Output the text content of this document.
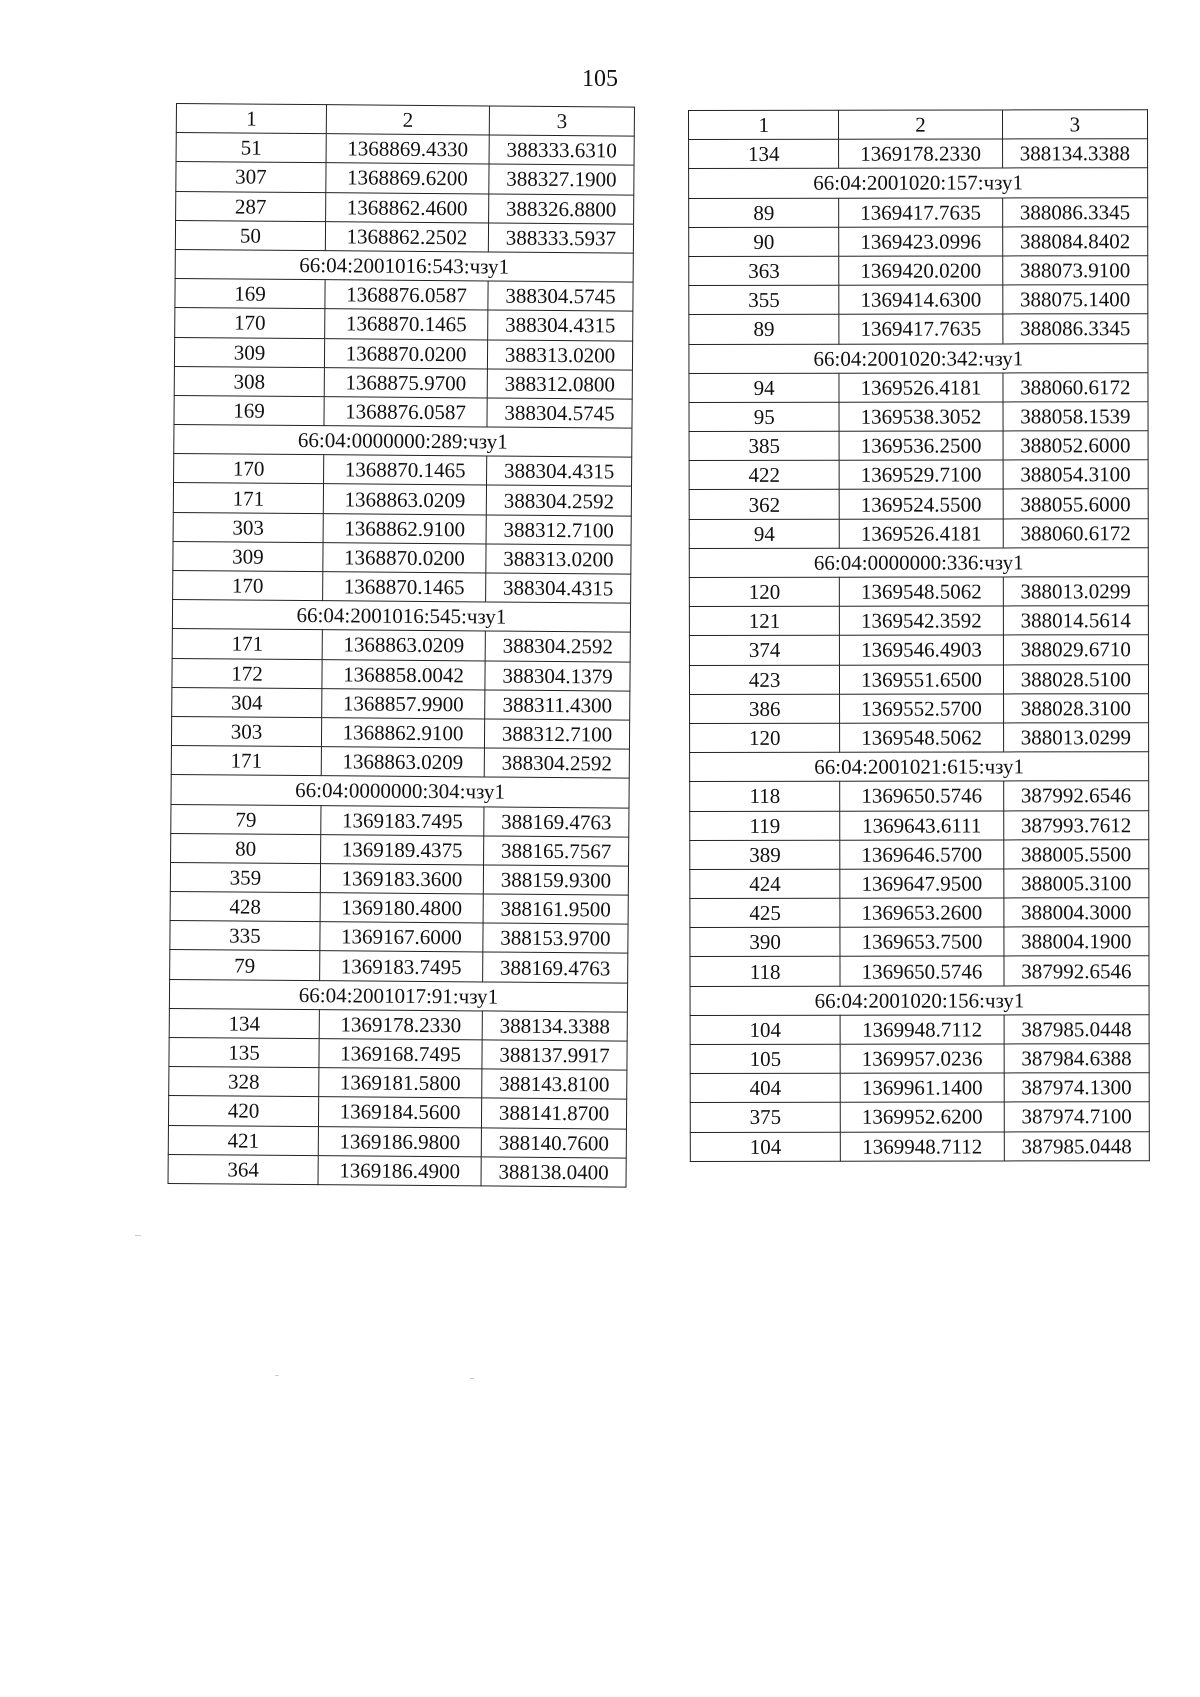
105
1	2	3
51	1368869.4330	388333.6310
307	1368869.6200	388327.1900
287	1368862.4600	388326.8800
50	1368862.2502	388333.5937
66:04:2001016:543:чзу1		
169	1368876.0587	388304.5745
170	1368870.1465	388304.4315
309	1368870.0200	388313.0200
308	1368875.9700	388312.0800
169	1368876.0587	388304.5745
66:04:0000000:289:чзу1		
170	1368870.1465	388304.4315
171	1368863.0209	388304.2592
303	1368862.9100	388312.7100
309	1368870.0200	388313.0200
170	1368870.1465	388304.4315
66:04:2001016:545:чзу1		
171	1368863.0209	388304.2592
172	1368858.0042	388304.1379
304	1368857.9900	388311.4300
303	1368862.9100	388312.7100
171	1368863.0209	388304.2592
66:04:0000000:304:чзу1		
79	1369183.7495	388169.4763
80	1369189.4375	388165.7567
359	1369183.3600	388159.9300
428	1369180.4800	388161.9500
335	1369167.6000	388153.9700
79	1369183.7495	388169.4763
66:04:2001017:91:чзу1		
134	1369178.2330	388134.3388
135	1369168.7495	388137.9917
328	1369181.5800	388143.8100
420	1369184.5600	388141.8700
421	1369186.9800	388140.7600
364	1369186.4900	388138.0400
1	2	3
134	1369178.2330	388134.3388
66:04:2001020:157:чзу1		
89	1369417.7635	388086.3345
90	1369423.0996	388084.8402
363	1369420.0200	388073.9100
355	1369414.6300	388075.1400
89	1369417.7635	388086.3345
66:04:2001020:342:чзу1		
94	1369526.4181	388060.6172
95	1369538.3052	388058.1539
385	1369536.2500	388052.6000
422	1369529.7100	388054.3100
362	1369524.5500	388055.6000
94	1369526.4181	388060.6172
66:04:0000000:336:чзу1		
120	1369548.5062	388013.0299
121	1369542.3592	388014.5614
374	1369546.4903	388029.6710
423	1369551.6500	388028.5100
386	1369552.5700	388028.3100
120	1369548.5062	388013.0299
66:04:2001021:615:чзу1		
118	1369650.5746	387992.6546
119	1369643.6111	387993.7612
389	1369646.5700	388005.5500
424	1369647.9500	388005.3100
425	1369653.2600	388004.3000
390	1369653.7500	388004.1900
118	1369650.5746	387992.6546
66:04:2001020:156:чзу1		
104	1369948.7112	387985.0448
105	1369957.0236	387984.6388
404	1369961.1400	387974.1300
375	1369952.6200	387974.7100
104	1369948.7112	387985.0448
